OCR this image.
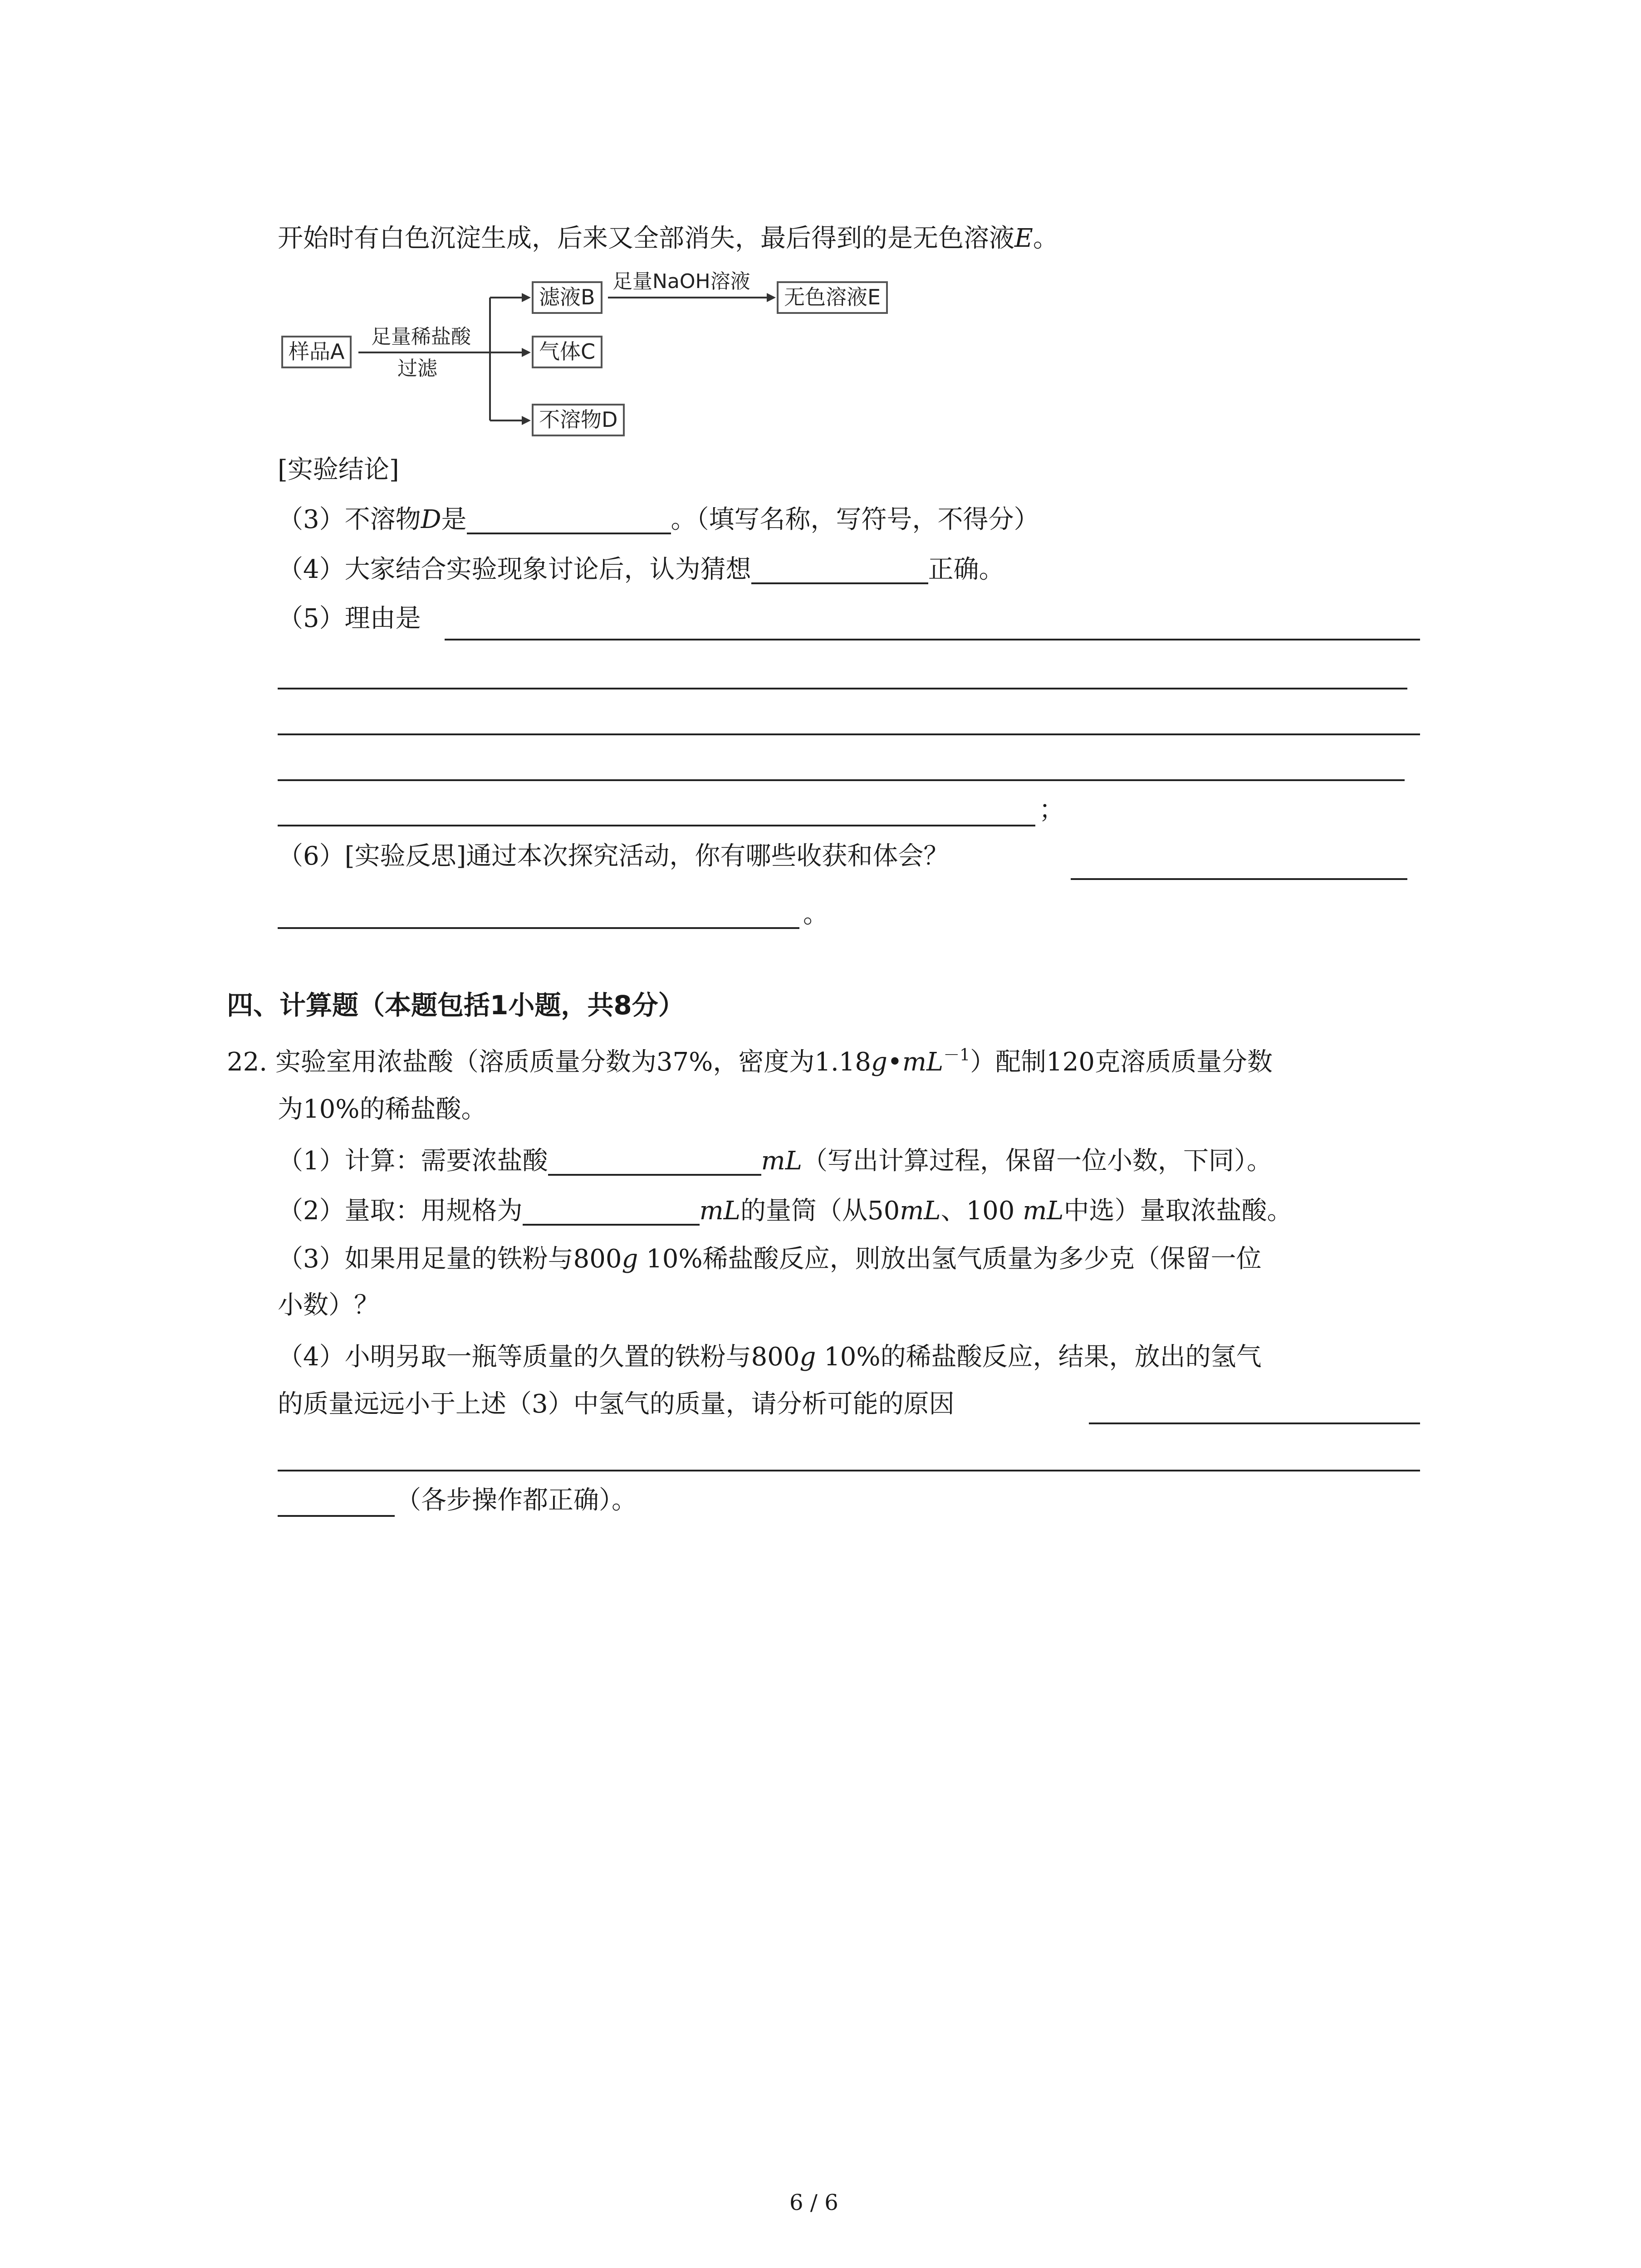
开始时有白色沉淀生成，后来又全部消失，最后得到的是无色溶液E。
样品A
足量稀盐酸
过滤
滤液B
足量NaOH溶液
无色溶液E
气体C
不溶物D
[实验结论]
（3）不溶物D是	。（填写名称，写符号，不得分）
（4）大家结合实验现象讨论后，认为猜想	正确。
（5）理由是
；
（6）[实验反思]通过本次探究活动，你有哪些收获和体会？
。
四、计算题（本题包括1小题，共8分）
22. 实验室用浓盐酸（溶质质量分数为37%，密度为$1.18g•mL^{-1}$）配制120克溶质质量分数
为10%的稀盐酸。
（1）计算：需要浓盐酸	mL（写出计算过程，保留一位小数，下同）。
（2）量取：用规格为	mL的量筒（从50mL、100 mL中选）量取浓盐酸。
（3）如果用足量的铁粉与800g 10%稀盐酸反应，则放出氢气质量为多少克（保留一位
小数）？
（4）小明另取一瓶等质量的久置的铁粉与800g 10%的稀盐酸反应，结果，放出的氢气
的质量远远小于上述（3）中氢气的质量，请分析可能的原因
（各步操作都正确）。
6 / 6
